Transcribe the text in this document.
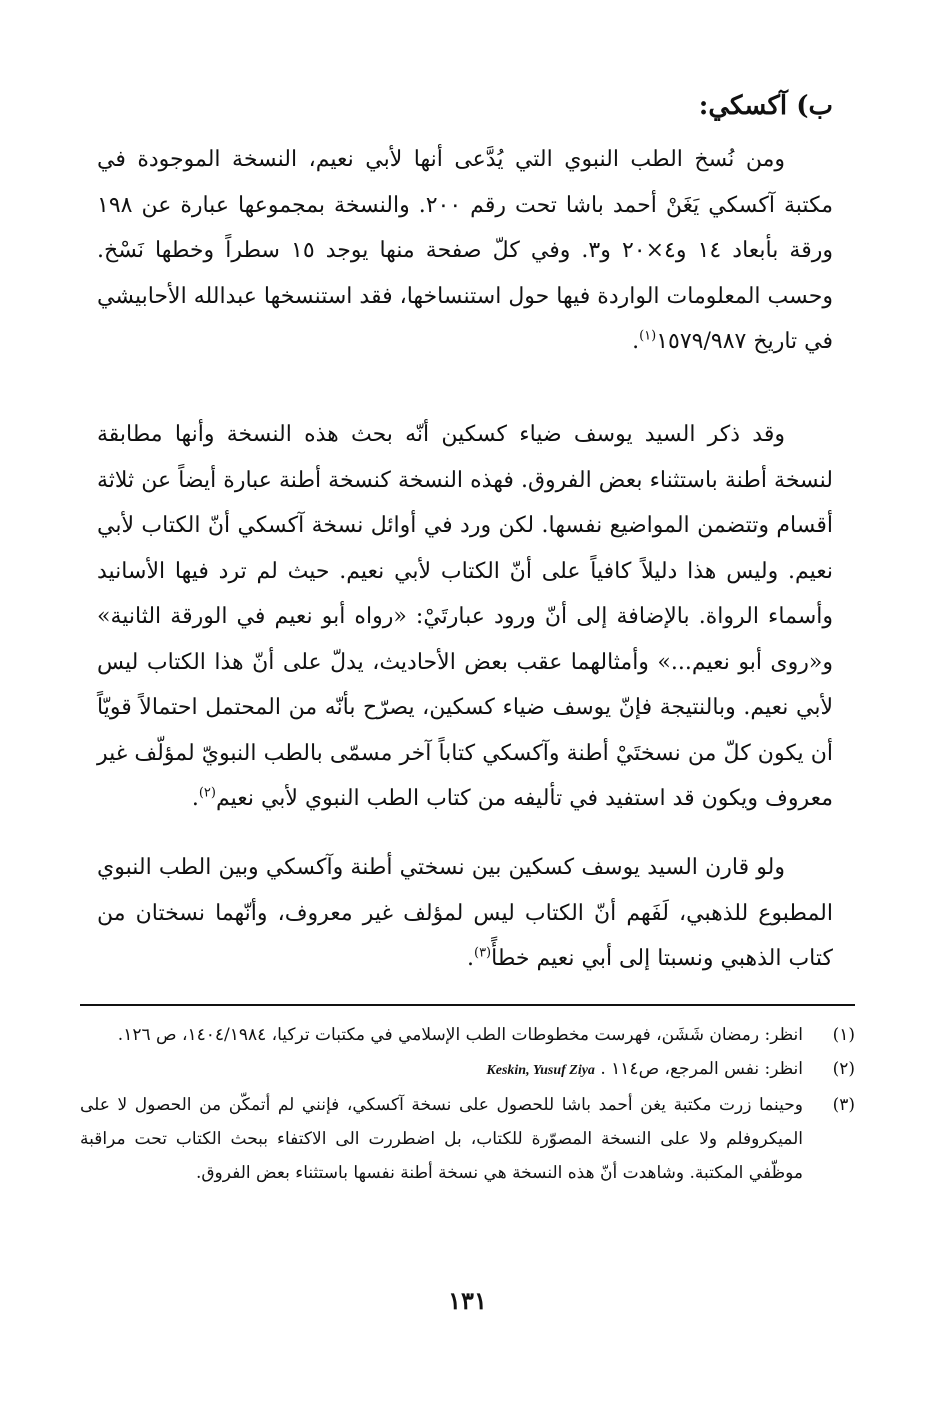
ب) آكسكي:

ومن نُسخ الطب النبوي التي يُدَّعى أنها لأبي نعيم، النسخة الموجودة في مكتبة آكسكي يَغَنْ أحمد باشا تحت رقم ٢٠٠. والنسخة بمجموعها عبارة عن ١٩٨ ورقة بأبعاد ١٤ و٤×٢٠ و٣. وفي كلّ صفحة منها يوجد ١٥ سطراً وخطها نَسْخ. وحسب المعلومات الواردة فيها حول استنساخها، فقد استنسخها عبدالله الأحابيشي في تاريخ ١٥٧٩/٩٨٧$^{(١)}$.

وقد ذكر السيد يوسف ضياء كسكين أنّه بحث هذه النسخة وأنها مطابقة لنسخة أطنة باستثناء بعض الفروق. فهذه النسخة كنسخة أطنة عبارة أيضاً عن ثلاثة أقسام وتتضمن المواضيع نفسها. لكن ورد في أوائل نسخة آكسكي أنّ الكتاب لأبي نعيم. وليس هذا دليلاً كافياً على أنّ الكتاب لأبي نعيم. حيث لم ترد فيها الأسانيد وأسماء الرواة. بالإضافة إلى أنّ ورود عبارتَيْ: «رواه أبو نعيم في الورقة الثانية» و«روى أبو نعيم...» وأمثالهما عقب بعض الأحاديث، يدلّ على أنّ هذا الكتاب ليس لأبي نعيم. وبالنتيجة فإنّ يوسف ضياء كسكين، يصرّح بأنّه من المحتمل احتمالاً قويّاً أن يكون كلّ من نسختَيْ أطنة وآكسكي كتاباً آخر مسمّى بالطب النبويّ لمؤلّف غير معروف ويكون قد استفيد في تأليفه من كتاب الطب النبوي لأبي نعيم$^{(٢)}$.

ولو قارن السيد يوسف كسكين بين نسختي أطنة وآكسكي وبين الطب النبوي المطبوع للذهبي، لَفَهم أنّ الكتاب ليس لمؤلف غير معروف، وأنّهما نسختان من كتاب الذهبي ونسبتا إلى أبي نعيم خطأً$^{(٣)}$.

(١)
انظر: رمضان شَشَن، فهرست مخطوطات الطب الإسلامي في مكتبات تركيا، ١٤٠٤/١٩٨٤، ص ١٢٦.
(٢)
انظر: نفس المرجع، ص١١٤ . Keskin, Yusuf Ziya
(٣)
وحينما زرت مكتبة يغن أحمد باشا للحصول على نسخة آكسكي، فإنني لم أتمكّن من الحصول لا على الميكروفلم ولا على النسخة المصوّرة للكتاب، بل اضطررت الى الاكتفاء ببحث الكتاب تحت مراقبة موظّفي المكتبة. وشاهدت أنّ هذه النسخة هي نسخة أطنة نفسها باستثناء بعض الفروق.
١٣١
